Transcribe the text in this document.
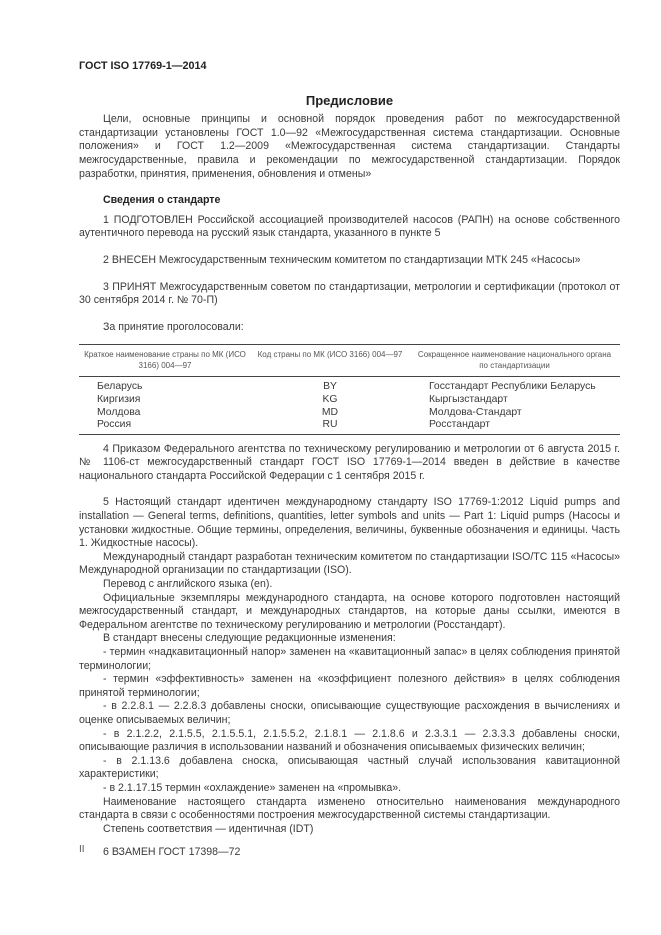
ГОСТ ISO 17769-1—2014
Предисловие

Цели, основные принципы и основной порядок проведения работ по межгосударственной стандартизации установлены ГОСТ 1.0—92 «Межгосударственная система стандартизации. Основные положения» и ГОСТ 1.2—2009 «Межгосударственная система стандартизации. Стандарты межгосударственные, правила и рекомендации по межгосударственной стандартизации. Порядок разработки, принятия, применения, обновления и отмены»

Сведения о стандарте

1 ПОДГОТОВЛЕН Российской ассоциацией производителей насосов (РАПН) на основе собственного аутентичного перевода на русский язык стандарта, указанного в пункте 5

2 ВНЕСЕН Межгосударственным техническим комитетом по стандартизации МТК 245 «Насосы»

3 ПРИНЯТ Межгосударственным советом по стандартизации, метрологии и сертификации (протокол от 30 сентября 2014 г. № 70-П)

За принятие проголосовали:

Краткое наименование страны по МК (ИСО 3166) 004—97	Код страны по МК (ИСО 3166) 004—97	Сокращенное наименование национального органа по стандартизации
Беларусь	BY	Госстандарт Республики Беларусь
Киргизия	KG	Кыргызстандарт
Молдова	MD	Молдова-Стандарт
Россия	RU	Росстандарт

4 Приказом Федерального агентства по техническому регулированию и метрологии от 6 августа 2015 г. № 1106-ст межгосударственный стандарт ГОСТ ISO 17769-1—2014 введен в действие в качестве национального стандарта Российской Федерации с 1 сентября 2015 г.

5 Настоящий стандарт идентичен международному стандарту ISO 17769-1:2012 Liquid pumps and installation — General terms, definitions, quantities, letter symbols and units — Part 1: Liquid pumps (Насосы и установки жидкостные. Общие термины, определения, величины, буквенные обозначения и единицы. Часть 1. Жидкостные насосы).

Международный стандарт разработан техническим комитетом по стандартизации ISO/TC 115 «Насосы» Международной организации по стандартизации (ISO).

Перевод с английского языка (en).

Официальные экземпляры международного стандарта, на основе которого подготовлен настоящий межгосударственный стандарт, и международных стандартов, на которые даны ссылки, имеются в Федеральном агентстве по техническому регулированию и метрологии (Росстандарт).

В стандарт внесены следующие редакционные изменения:

- термин «надкавитационный напор» заменен на «кавитационный запас» в целях соблюдения принятой терминологии;

- термин «эффективность» заменен на «коэффициент полезного действия» в целях соблюдения принятой терминологии;

- в 2.2.8.1 — 2.2.8.3 добавлены сноски, описывающие существующие расхождения в вычислениях и оценке описываемых величин;

- в 2.1.2.2, 2.1.5.5, 2.1.5.5.1, 2.1.5.5.2, 2.1.8.1 — 2.1.8.6 и 2.3.3.1 — 2.3.3.3 добавлены сноски, описывающие различия в использовании названий и обозначения описываемых физических величин;

- в 2.1.13.6 добавлена сноска, описывающая частный случай использования кавитационной характеристики;

- в 2.1.17.15 термин «охлаждение» заменен на «промывка».

Наименование настоящего стандарта изменено относительно наименования международного стандарта в связи с особенностями построения межгосударственной системы стандартизации.

Степень соответствия — идентичная (IDT)

6 ВЗАМЕН ГОСТ 17398—72

II
